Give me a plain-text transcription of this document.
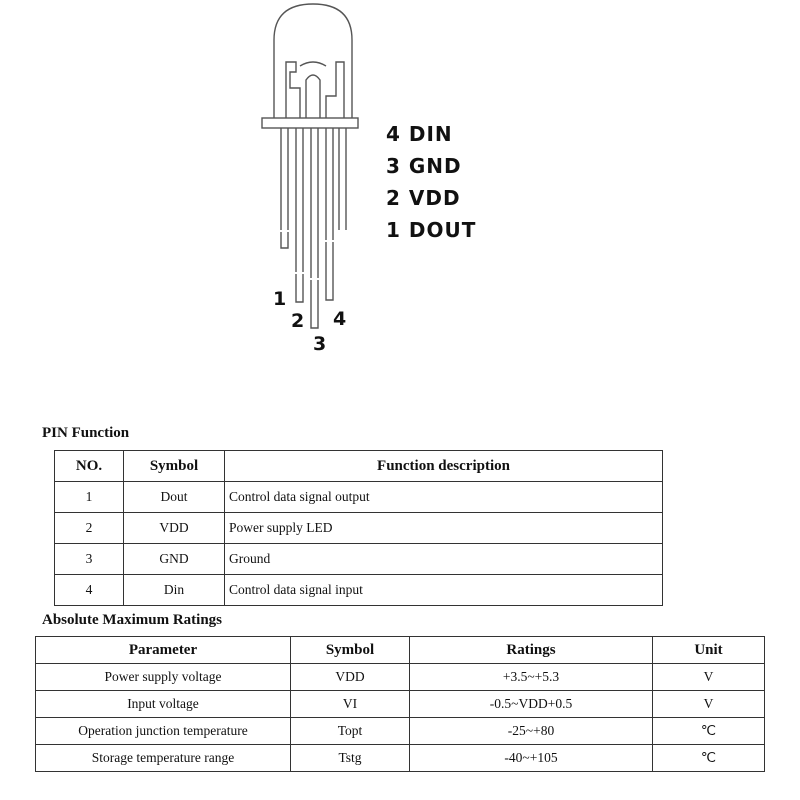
1
2 4
3
4 DIN
3 GND
2 VDD
1 DOUT
PIN Function
NO.	Symbol	Function description
1	Dout	Control data signal output
2	VDD	Power supply LED
3	GND	Ground
4	Din	Control data signal input
Absolute Maximum Ratings
Parameter	Symbol	Ratings	Unit
Power supply voltage	VDD	+3.5~+5.3	V
Input voltage	VI	-0.5~VDD+0.5	V
Operation junction temperature	Topt	-25~+80	℃
Storage temperature range	Tstg	-40~+105	℃
